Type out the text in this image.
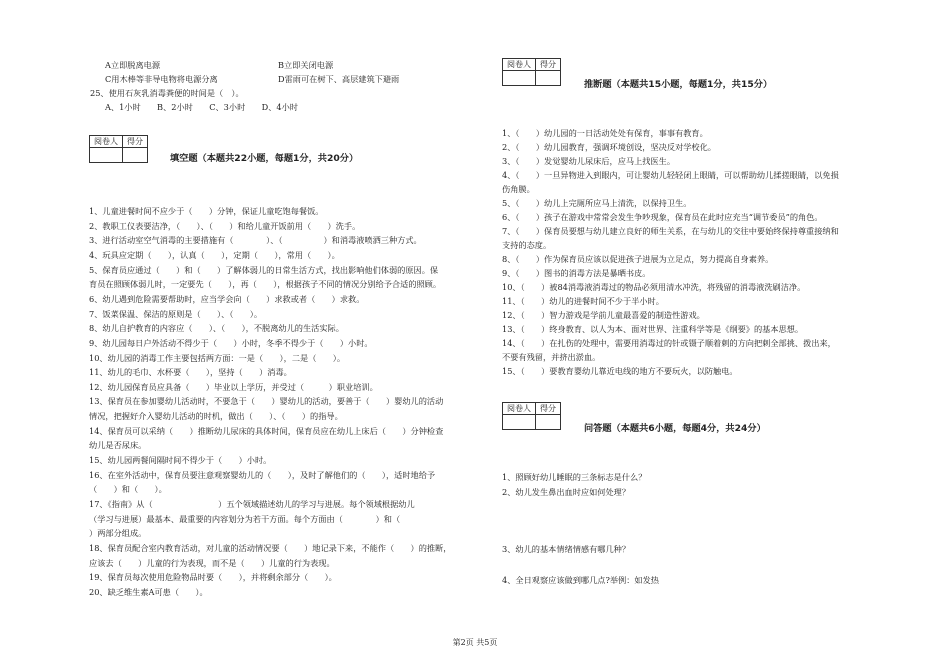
A立即脱离电源	B立即关闭电源
C用木棒等非导电物将电源分离	D雷雨可在树下、高层建筑下避雨
25、使用石灰乳消毒粪便的时间是（　）。
A、1小时　　B、2小时　　C、3小时　　D、4小时
阅卷人	得分

填空题（本题共22小题，每题1分，共20分）
1、儿童进餐时间不应少于（　　）分钟，保证儿童吃饱每餐饭。
2、教职工仪表要洁净，（　　）、（　　）和给儿童开饭前用（　　）洗手。
3、进行活动室空气消毒的主要措施有（　　　　）、（　　　　　）和消毒液喷洒三种方式。
4、玩具应定期（　　），认真（　　），定期（　　），常用（　　）。
5、保育员应通过（　　）和（　　）了解体弱儿的日常生活方式，找出影响他们体弱的原因。保
育员在照顾体弱儿时，一定要先（　　），再（　　），根据孩子不同的情况分别给予合适的照顾。
6、幼儿遇到危险需要帮助时，应当学会向（　　）求救或者（　　）求救。
7、饭菜保温、保洁的原则是（　　）、（　　）。
8、幼儿自护教育的内容应（　　）、（　　），不脱离幼儿的生活实际。
9、幼儿园每日户外活动不得少于（　　）小时，冬季不得少于（　　）小时。
10、幼儿园的消毒工作主要包括两方面：一是（　　），二是（　　）。
11、幼儿的毛巾、水杯要（　　），坚持（　　）消毒。
12、幼儿园保育员应具备（　　）毕业以上学历，并受过（　　　）职业培训。
13、保育员在参加婴幼儿活动时，不要急于（　　）婴幼儿的活动，要善于（　　）婴幼儿的活动
情况，把握好介入婴幼儿活动的时机，做出（　　）、（　　）的指导。
14、保育员可以采纳（　　）推断幼儿尿床的具体时间，保育员应在幼儿上床后（　　）分钟检查
幼儿是否尿床。
15、幼儿园两餐间隔时间不得少于（　　）小时。
16、在室外活动中，保育员要注意观察婴幼儿的（　　），及时了解他们的（　　），适时地给予
（　　）和（　　）。
17、《指南》从（　　　　　　　　）五个领域描述幼儿的学习与进展。每个领域根据幼儿
（学习与进展）最基本、最重要的内容划分为若干方面。每个方面由（　　　　）和（　　　　
）两部分组成。
18、保育员配合室内教育活动，对儿童的活动情况要（　　）地记录下来，不能作（　　）的推断，
应该去（　　）儿童的行为表现，而不是（　　）儿童的行为表现。
19、保育员每次使用危险物品时要（　　），并将剩余部分（　　）。
20、缺乏维生素A可患（　　）。
阅卷人	得分

推断题（本题共15小题，每题1分，共15分）
1、（　　）幼儿园的一日活动处处有保育，事事有教育。
2、（　　）幼儿园教育，强调环境创设，坚决反对学校化。
3、（　　）发觉婴幼儿尿床后，应马上找医生。
4、（　　）一旦异物进入到眼内，可让婴幼儿轻轻闭上眼睛，可以帮助幼儿揉搓眼睛，以免损
伤角膜。
5、（　　）幼儿上完厕所应马上清洗，以保持卫生。
6、（　　）孩子在游戏中常常会发生争吵现象，保育员在此时应充当“调节委员”的角色。
7、（　　）保育员要想与幼儿建立良好的师生关系，在与幼儿的交往中要始终保持尊重接纳和
支持的态度。
8、（　　）作为保育员应该以促进孩子进展为立足点，努力提高自身素养。
9、（　　）图书的消毒方法是暴晒书皮。
10、（　　）被84消毒液消毒过的物品必须用清水冲洗，将残留的消毒液洗刷洁净。
11、（　　）幼儿的进餐时间不少于半小时。
12、（　　）智力游戏是学前儿童最喜爱的制造性游戏。
13、（　　）终身教育、以人为本、面对世界、注重科学等是《纲要》的基本思想。
14、（　　）在扎伤的处理中，需要用消毒过的针或镊子顺着刺的方向把刺全部挑、拨出来，
不要有残留，并挤出淤血。
15、（　　）要教育婴幼儿靠近电线的地方不要玩火，以防触电。
阅卷人	得分

问答题（本题共6小题，每题4分，共24分）
1、照顾好幼儿睡眠的三条标志是什么？
2、幼儿发生鼻出血时应如何处理？
3、幼儿的基本情绪情感有哪几种？
4、全日观察应该做到哪几点?举例：如发热
第2页 共5页
